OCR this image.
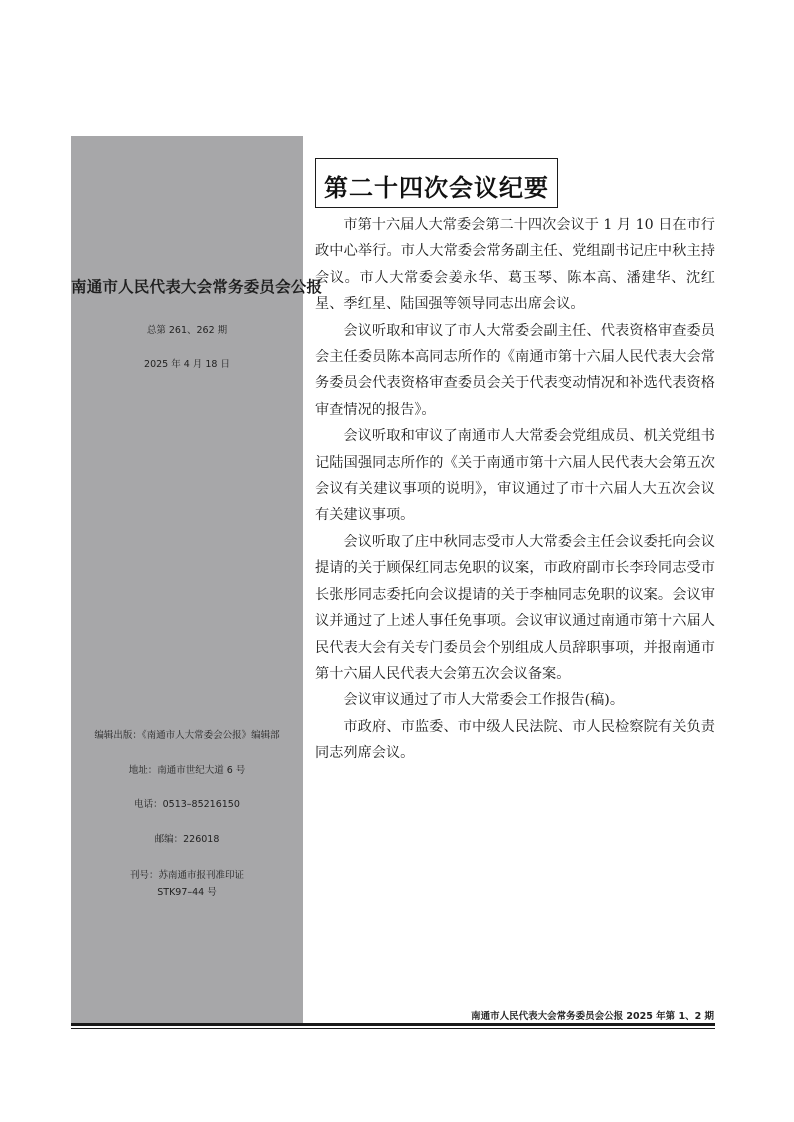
南通市人民代表大会常务委员会公报
总第 261、262 期
2025 年 4 月 18 日
编辑出版：《南通市人大常委会公报》编辑部
地址：南通市世纪大道 6 号
电话：0513–85216150
邮编：226018
刊号：苏南通市报刊准印证
STK97–44 号
第二十四次会议纪要

市第十六届人大常委会第二十四次会议于 1 月 10 日在市行政中心举行。市人大常委会常务副主任、党组副书记庄中秋主持会议。市人大常委会姜永华、葛玉琴、陈本高、潘建华、沈红星、季红星、陆国强等领导同志出席会议。

会议听取和审议了市人大常委会副主任、代表资格审查委员会主任委员陈本高同志所作的《南通市第十六届人民代表大会常务委员会代表资格审查委员会关于代表变动情况和补选代表资格审查情况的报告》。

会议听取和审议了南通市人大常委会党组成员、机关党组书记陆国强同志所作的《关于南通市第十六届人民代表大会第五次会议有关建议事项的说明》，审议通过了市十六届人大五次会议有关建议事项。

会议听取了庄中秋同志受市人大常委会主任会议委托向会议提请的关于顾保红同志免职的议案，市政府副市长李玲同志受市长张彤同志委托向会议提请的关于李柚同志免职的议案。会议审议并通过了上述人事任免事项。会议审议通过南通市第十六届人民代表大会有关专门委员会个别组成人员辞职事项，并报南通市第十六届人民代表大会第五次会议备案。

会议审议通过了市人大常委会工作报告(稿)。

市政府、市监委、市中级人民法院、市人民检察院有关负责同志列席会议。

南通市人民代表大会常务委员会公报 2025 年第 1、2 期
